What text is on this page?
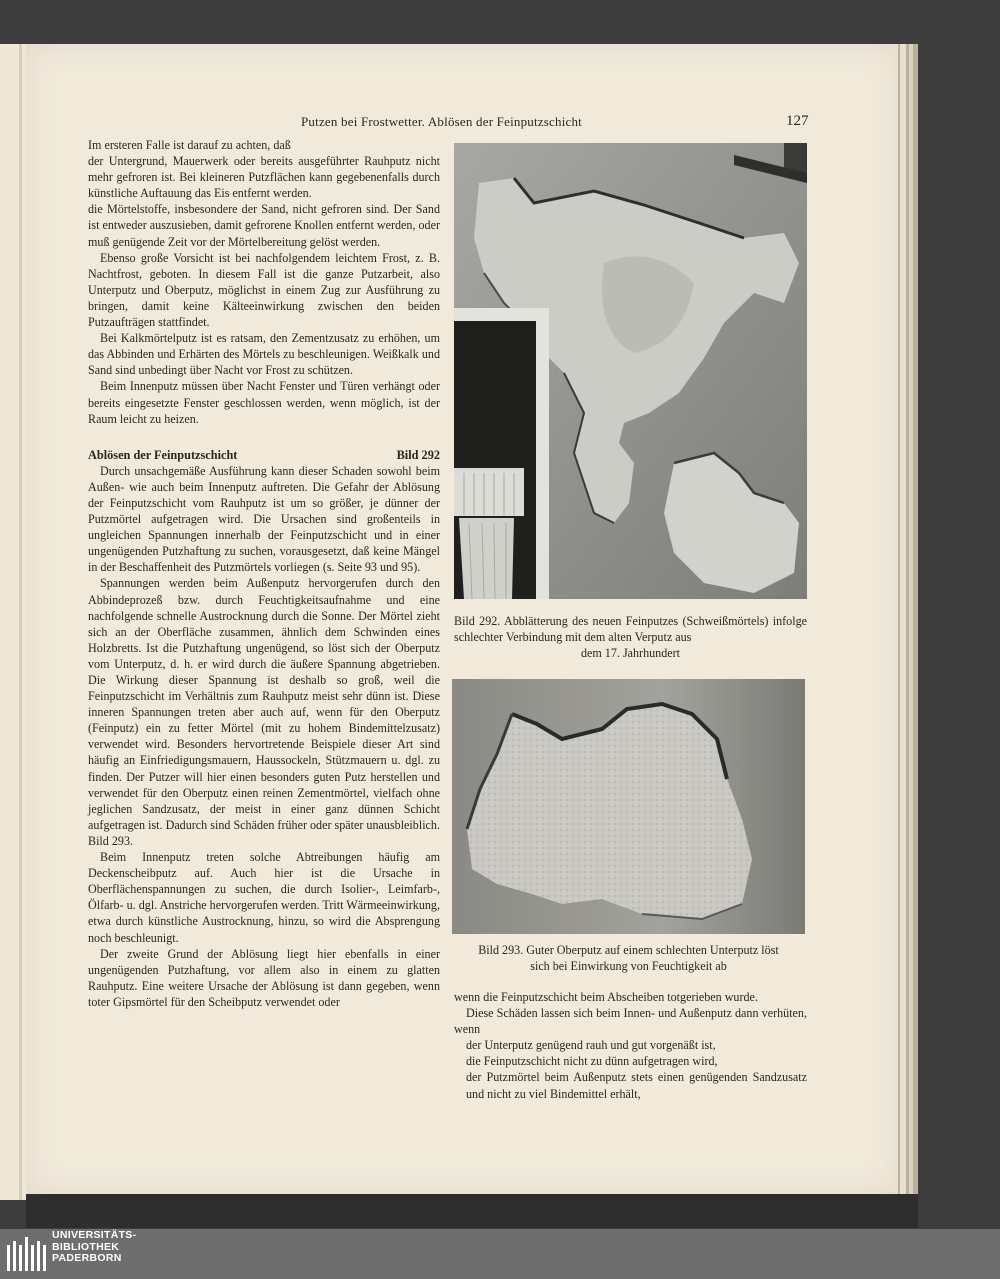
Putzen bei Frostwetter. Ablösen der Feinputzschicht	127

Im ersteren Falle ist darauf zu achten, daß

der Untergrund, Mauerwerk oder bereits ausgeführter Rauhputz nicht mehr gefroren ist. Bei kleineren Putzflächen kann gegebenenfalls durch künstliche Auftauung das Eis entfernt werden.

die Mörtelstoffe, insbesondere der Sand, nicht gefroren sind. Der Sand ist entweder auszusieben, damit gefrorene Knollen entfernt werden, oder muß genügende Zeit vor der Mörtelbereitung gelöst werden.

Ebenso große Vorsicht ist bei nachfolgendem leichtem Frost, z. B. Nachtfrost, geboten. In diesem Fall ist die ganze Putzarbeit, also Unterputz und Oberputz, möglichst in einem Zug zur Ausführung zu bringen, damit keine Kälteeinwirkung zwischen den beiden Putzaufträgen stattfindet.

Bei Kalkmörtelputz ist es ratsam, den Zementzusatz zu erhöhen, um das Abbinden und Erhärten des Mörtels zu beschleunigen. Weißkalk und Sand sind unbedingt über Nacht vor Frost zu schützen.

Beim Innenputz müssen über Nacht Fenster und Türen verhängt oder bereits eingesetzte Fenster geschlossen werden, wenn möglich, ist der Raum leicht zu heizen.

Ablösen der Feinputzschicht	Bild 292

Durch unsachgemäße Ausführung kann dieser Schaden sowohl beim Außen- wie auch beim Innenputz auftreten. Die Gefahr der Ablösung der Feinputzschicht vom Rauhputz ist um so größer, je dünner der Putzmörtel aufgetragen wird. Die Ursachen sind großenteils in ungleichen Spannungen innerhalb der Feinputzschicht und in einer ungenügenden Putzhaftung zu suchen, vorausgesetzt, daß keine Mängel in der Beschaffenheit des Putzmörtels vorliegen (s. Seite 93 und 95).

Spannungen werden beim Außenputz hervorgerufen durch den Abbindeprozeß bzw. durch Feuchtigkeitsaufnahme und eine nachfolgende schnelle Austrocknung durch die Sonne. Der Mörtel zieht sich an der Oberfläche zusammen, ähnlich dem Schwinden eines Holzbretts. Ist die Putzhaftung ungenügend, so löst sich der Oberputz vom Unterputz, d. h. er wird durch die äußere Spannung abgetrieben. Die Wirkung dieser Spannung ist deshalb so groß, weil die Feinputzschicht im Verhältnis zum Rauhputz meist sehr dünn ist. Diese inneren Spannungen treten aber auch auf, wenn für den Oberputz (Feinputz) ein zu fetter Mörtel (mit zu hohem Bindemittelzusatz) verwendet wird. Besonders hervortretende Beispiele dieser Art sind häufig an Einfriedigungsmauern, Haussockeln, Stützmauern u. dgl. zu finden. Der Putzer will hier einen besonders guten Putz herstellen und verwendet für den Oberputz einen reinen Zementmörtel, vielfach ohne jeglichen Sandzusatz, der meist in einer ganz dünnen Schicht aufgetragen ist. Dadurch sind Schäden früher oder später unausbleiblich. Bild 293.

Beim Innenputz treten solche Abtreibungen häufig am Deckenscheibputz auf. Auch hier ist die Ursache in Oberflächenspannungen zu suchen, die durch Isolier-, Leimfarb-, Ölfarb- u. dgl. Anstriche hervorgerufen werden. Tritt Wärmeeinwirkung, etwa durch künstliche Austrocknung, hinzu, so wird die Absprengung noch beschleunigt.

Der zweite Grund der Ablösung liegt hier ebenfalls in einer ungenügenden Putzhaftung, vor allem also in einem zu glatten Rauhputz. Eine weitere Ursache der Ablösung ist dann gegeben, wenn toter Gipsmörtel für den Scheibputz verwendet oder

Bild 292. Abblätterung des neuen Feinputzes (Schweißmörtels) infolge schlechter Verbindung mit dem alten Verputz aus
dem 17. Jahrhundert
Bild 293. Guter Oberputz auf einem schlechten Unterputz löst
sich bei Einwirkung von Feuchtigkeit ab

wenn die Feinputzschicht beim Abscheiben totgerieben wurde.

Diese Schäden lassen sich beim Innen- und Außenputz dann verhüten, wenn

der Unterputz genügend rauh und gut vorgenäßt ist,

die Feinputzschicht nicht zu dünn aufgetragen wird,

der Putzmörtel beim Außenputz stets einen genügenden Sandzusatz und nicht zu viel Bindemittel erhält,

UNIVERSITÄTS-
BIBLIOTHEK
PADERBORN
